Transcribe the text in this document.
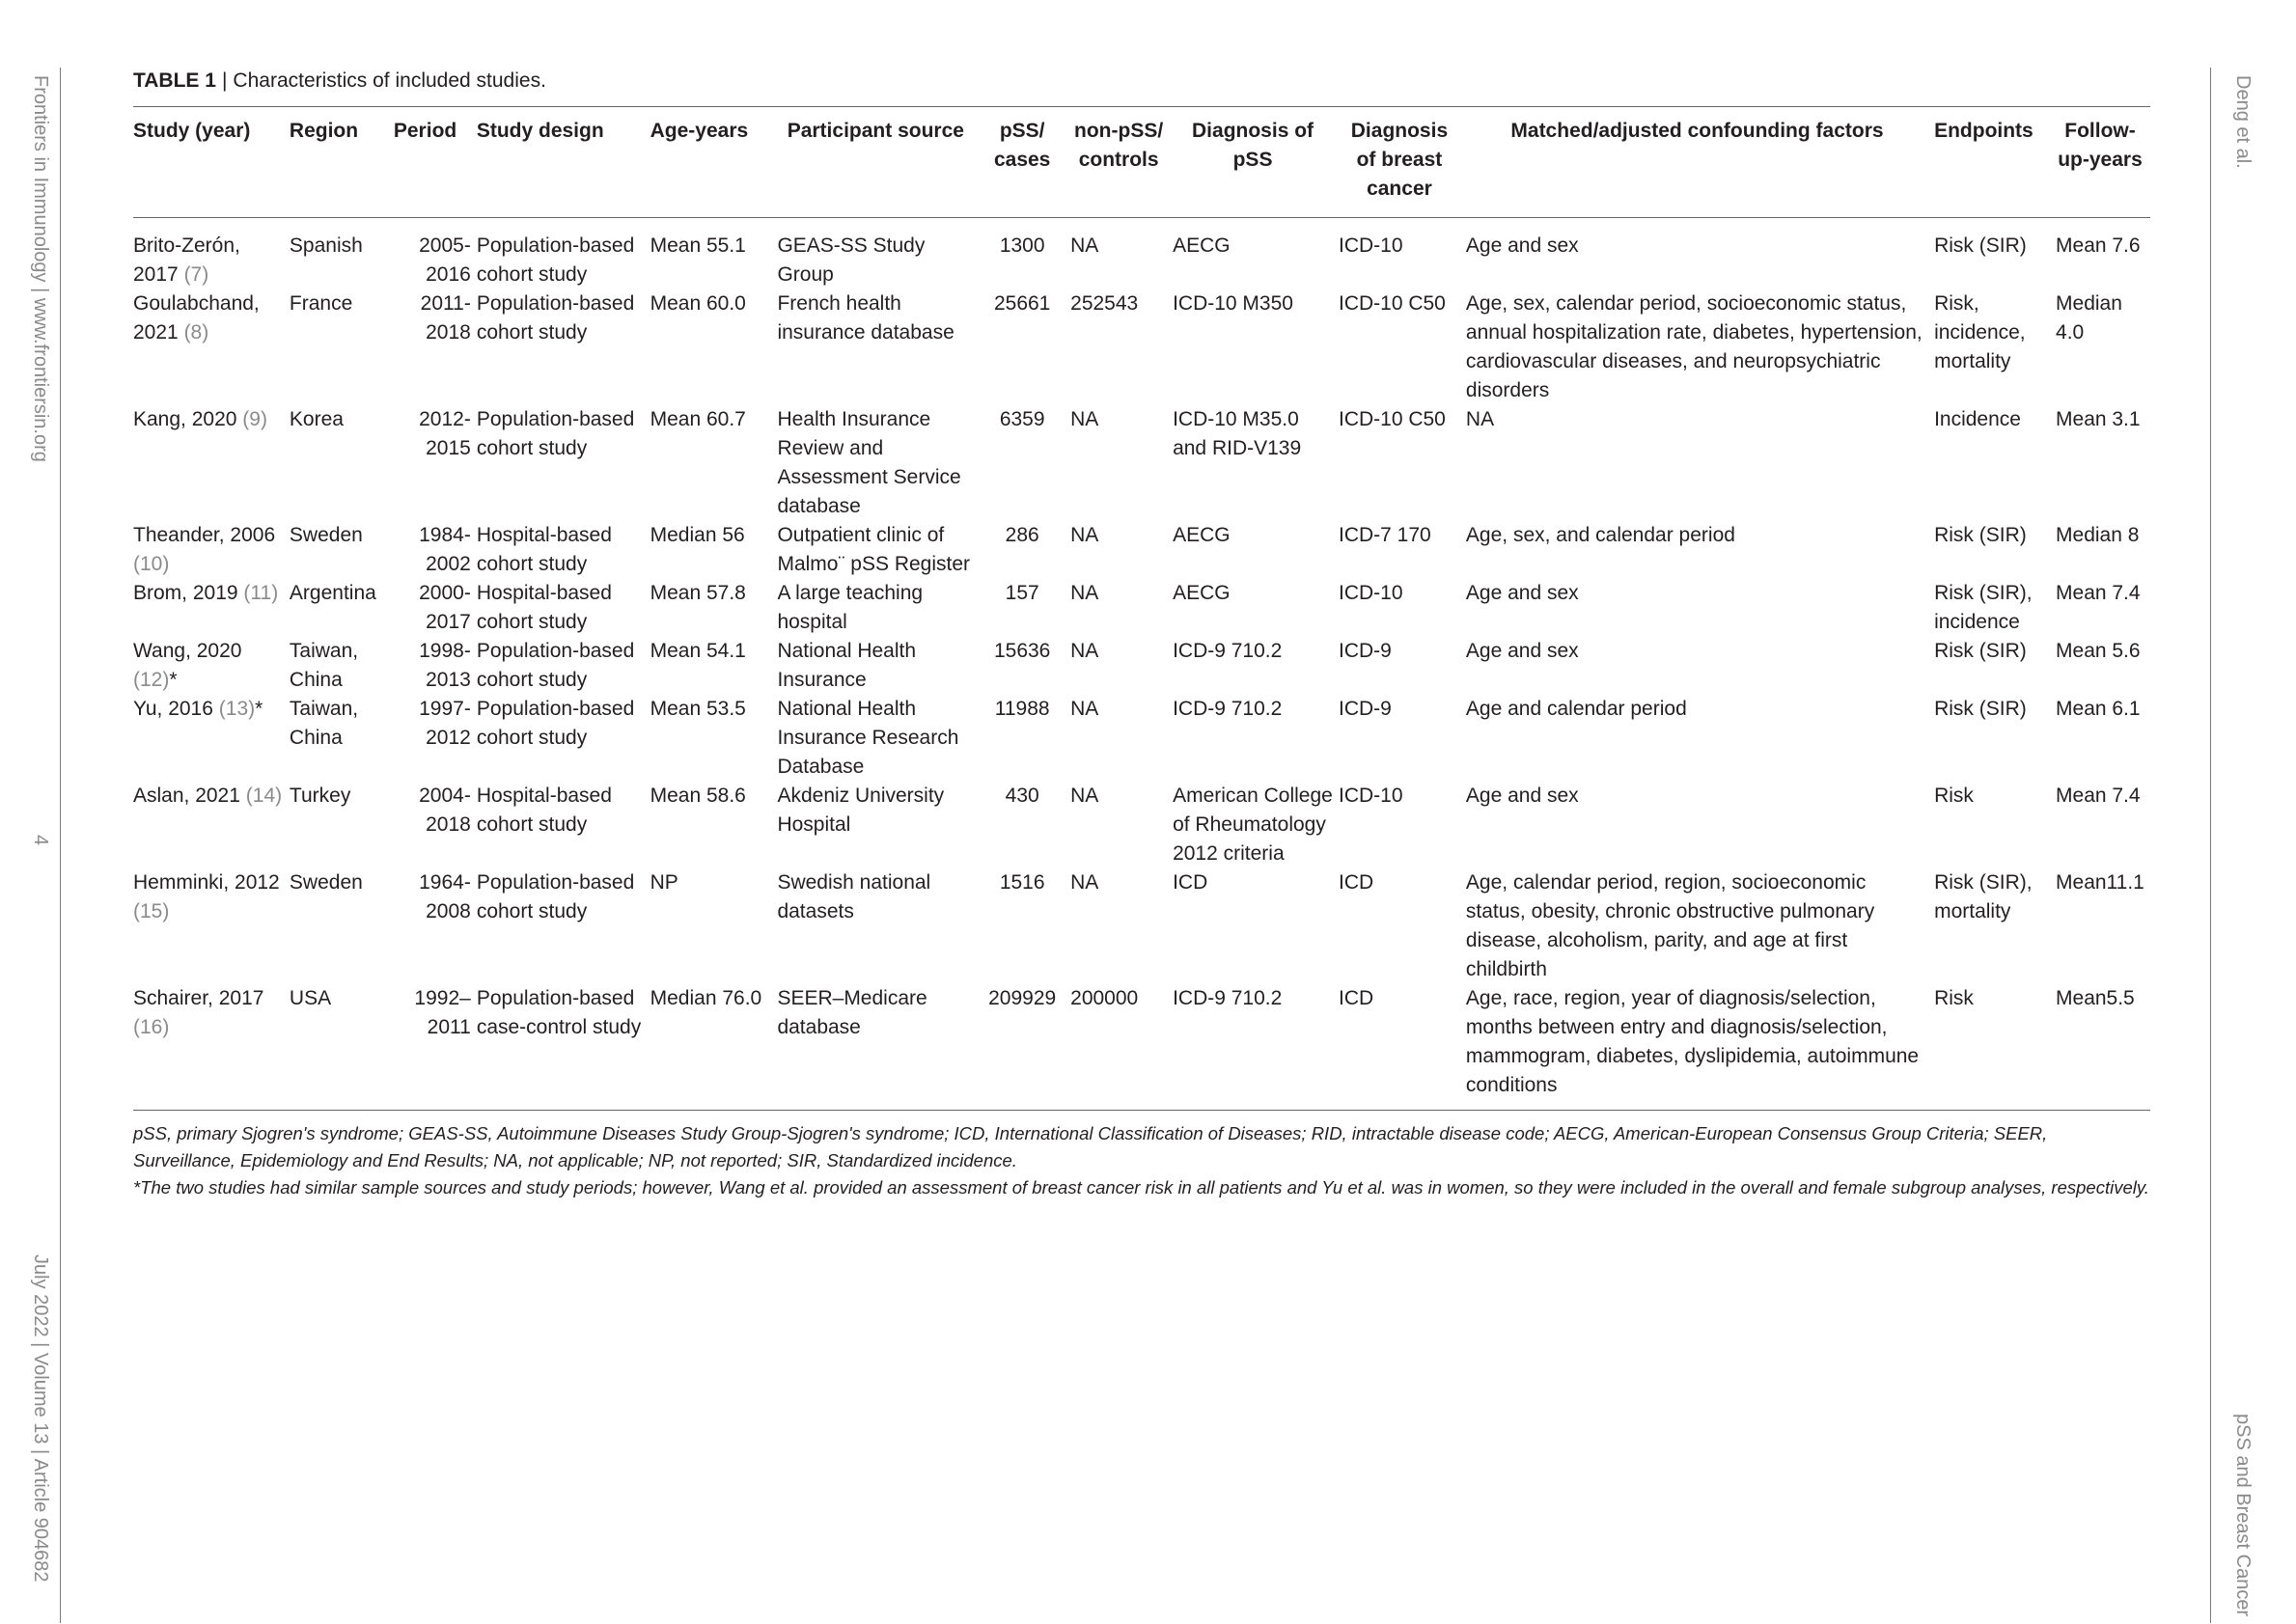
Frontiers in Immunology | www.frontiersin.org
4
July 2022 | Volume 13 | Article 904682
Deng et al.
pSS and Breast Cancer
TABLE 1 | Characteristics of included studies.
Study (year)	Region	Period	Study design	Age-years	Participant source	pSS/ cases	non-pSS/ controls	Diagnosis of pSS	Diagnosis of breast cancer	Matched/adjusted confounding factors	Endpoints	Follow-up-years
Brito-Zerón, 2017 (7)	Spanish	2005-2016	Population-based cohort study	Mean 55.1	GEAS-SS Study Group	1300	NA	AECG	ICD-10	Age and sex	Risk (SIR)	Mean 7.6
Goulabchand, 2021 (8)	France	2011-2018	Population-based cohort study	Mean 60.0	French health insurance database	25661	252543	ICD-10 M350	ICD-10 C50	Age, sex, calendar period, socioeconomic status, annual hospitalization rate, diabetes, hypertension, cardiovascular diseases, and neuropsychiatric disorders	Risk, incidence, mortality	Median 4.0
Kang, 2020 (9)	Korea	2012-2015	Population-based cohort study	Mean 60.7	Health Insurance Review and Assessment Service database	6359	NA	ICD-10 M35.0 and RID-V139	ICD-10 C50	NA	Incidence	Mean 3.1
Theander, 2006 (10)	Sweden	1984-2002	Hospital-based cohort study	Median 56	Outpatient clinic of Malmo¨ pSS Register	286	NA	AECG	ICD-7 170	Age, sex, and calendar period	Risk (SIR)	Median 8
Brom, 2019 (11)	Argentina	2000-2017	Hospital-based cohort study	Mean 57.8	A large teaching hospital	157	NA	AECG	ICD-10	Age and sex	Risk (SIR), incidence	Mean 7.4
Wang, 2020 (12)*	Taiwan, China	1998-2013	Population-based cohort study	Mean 54.1	National Health Insurance	15636	NA	ICD-9 710.2	ICD-9	Age and sex	Risk (SIR)	Mean 5.6
Yu, 2016 (13)*	Taiwan, China	1997-2012	Population-based cohort study	Mean 53.5	National Health Insurance Research Database	11988	NA	ICD-9 710.2	ICD-9	Age and calendar period	Risk (SIR)	Mean 6.1
Aslan, 2021 (14)	Turkey	2004-2018	Hospital-based cohort study	Mean 58.6	Akdeniz University Hospital	430	NA	American College of Rheumatology 2012 criteria	ICD-10	Age and sex	Risk	Mean 7.4
Hemminki, 2012 (15)	Sweden	1964-2008	Population-based cohort study	NP	Swedish national datasets	1516	NA	ICD	ICD	Age, calendar period, region, socioeconomic status, obesity, chronic obstructive pulmonary disease, alcoholism, parity, and age at first childbirth	Risk (SIR), mortality	Mean11.1
Schairer, 2017 (16)	USA	1992–2011	Population-based case-control study	Median 76.0	SEER–Medicare database	209929	200000	ICD-9 710.2	ICD	Age, race, region, year of diagnosis/selection, months between entry and diagnosis/selection, mammogram, diabetes, dyslipidemia, autoimmune conditions	Risk	Mean5.5

pSS, primary Sjogren's syndrome; GEAS-SS, Autoimmune Diseases Study Group-Sjogren's syndrome; ICD, International Classification of Diseases; RID, intractable disease code; AECG, American-European Consensus Group Criteria; SEER, Surveillance, Epidemiology and End Results; NA, not applicable; NP, not reported; SIR, Standardized incidence.

*The two studies had similar sample sources and study periods; however, Wang et al. provided an assessment of breast cancer risk in all patients and Yu et al. was in women, so they were included in the overall and female subgroup analyses, respectively.
